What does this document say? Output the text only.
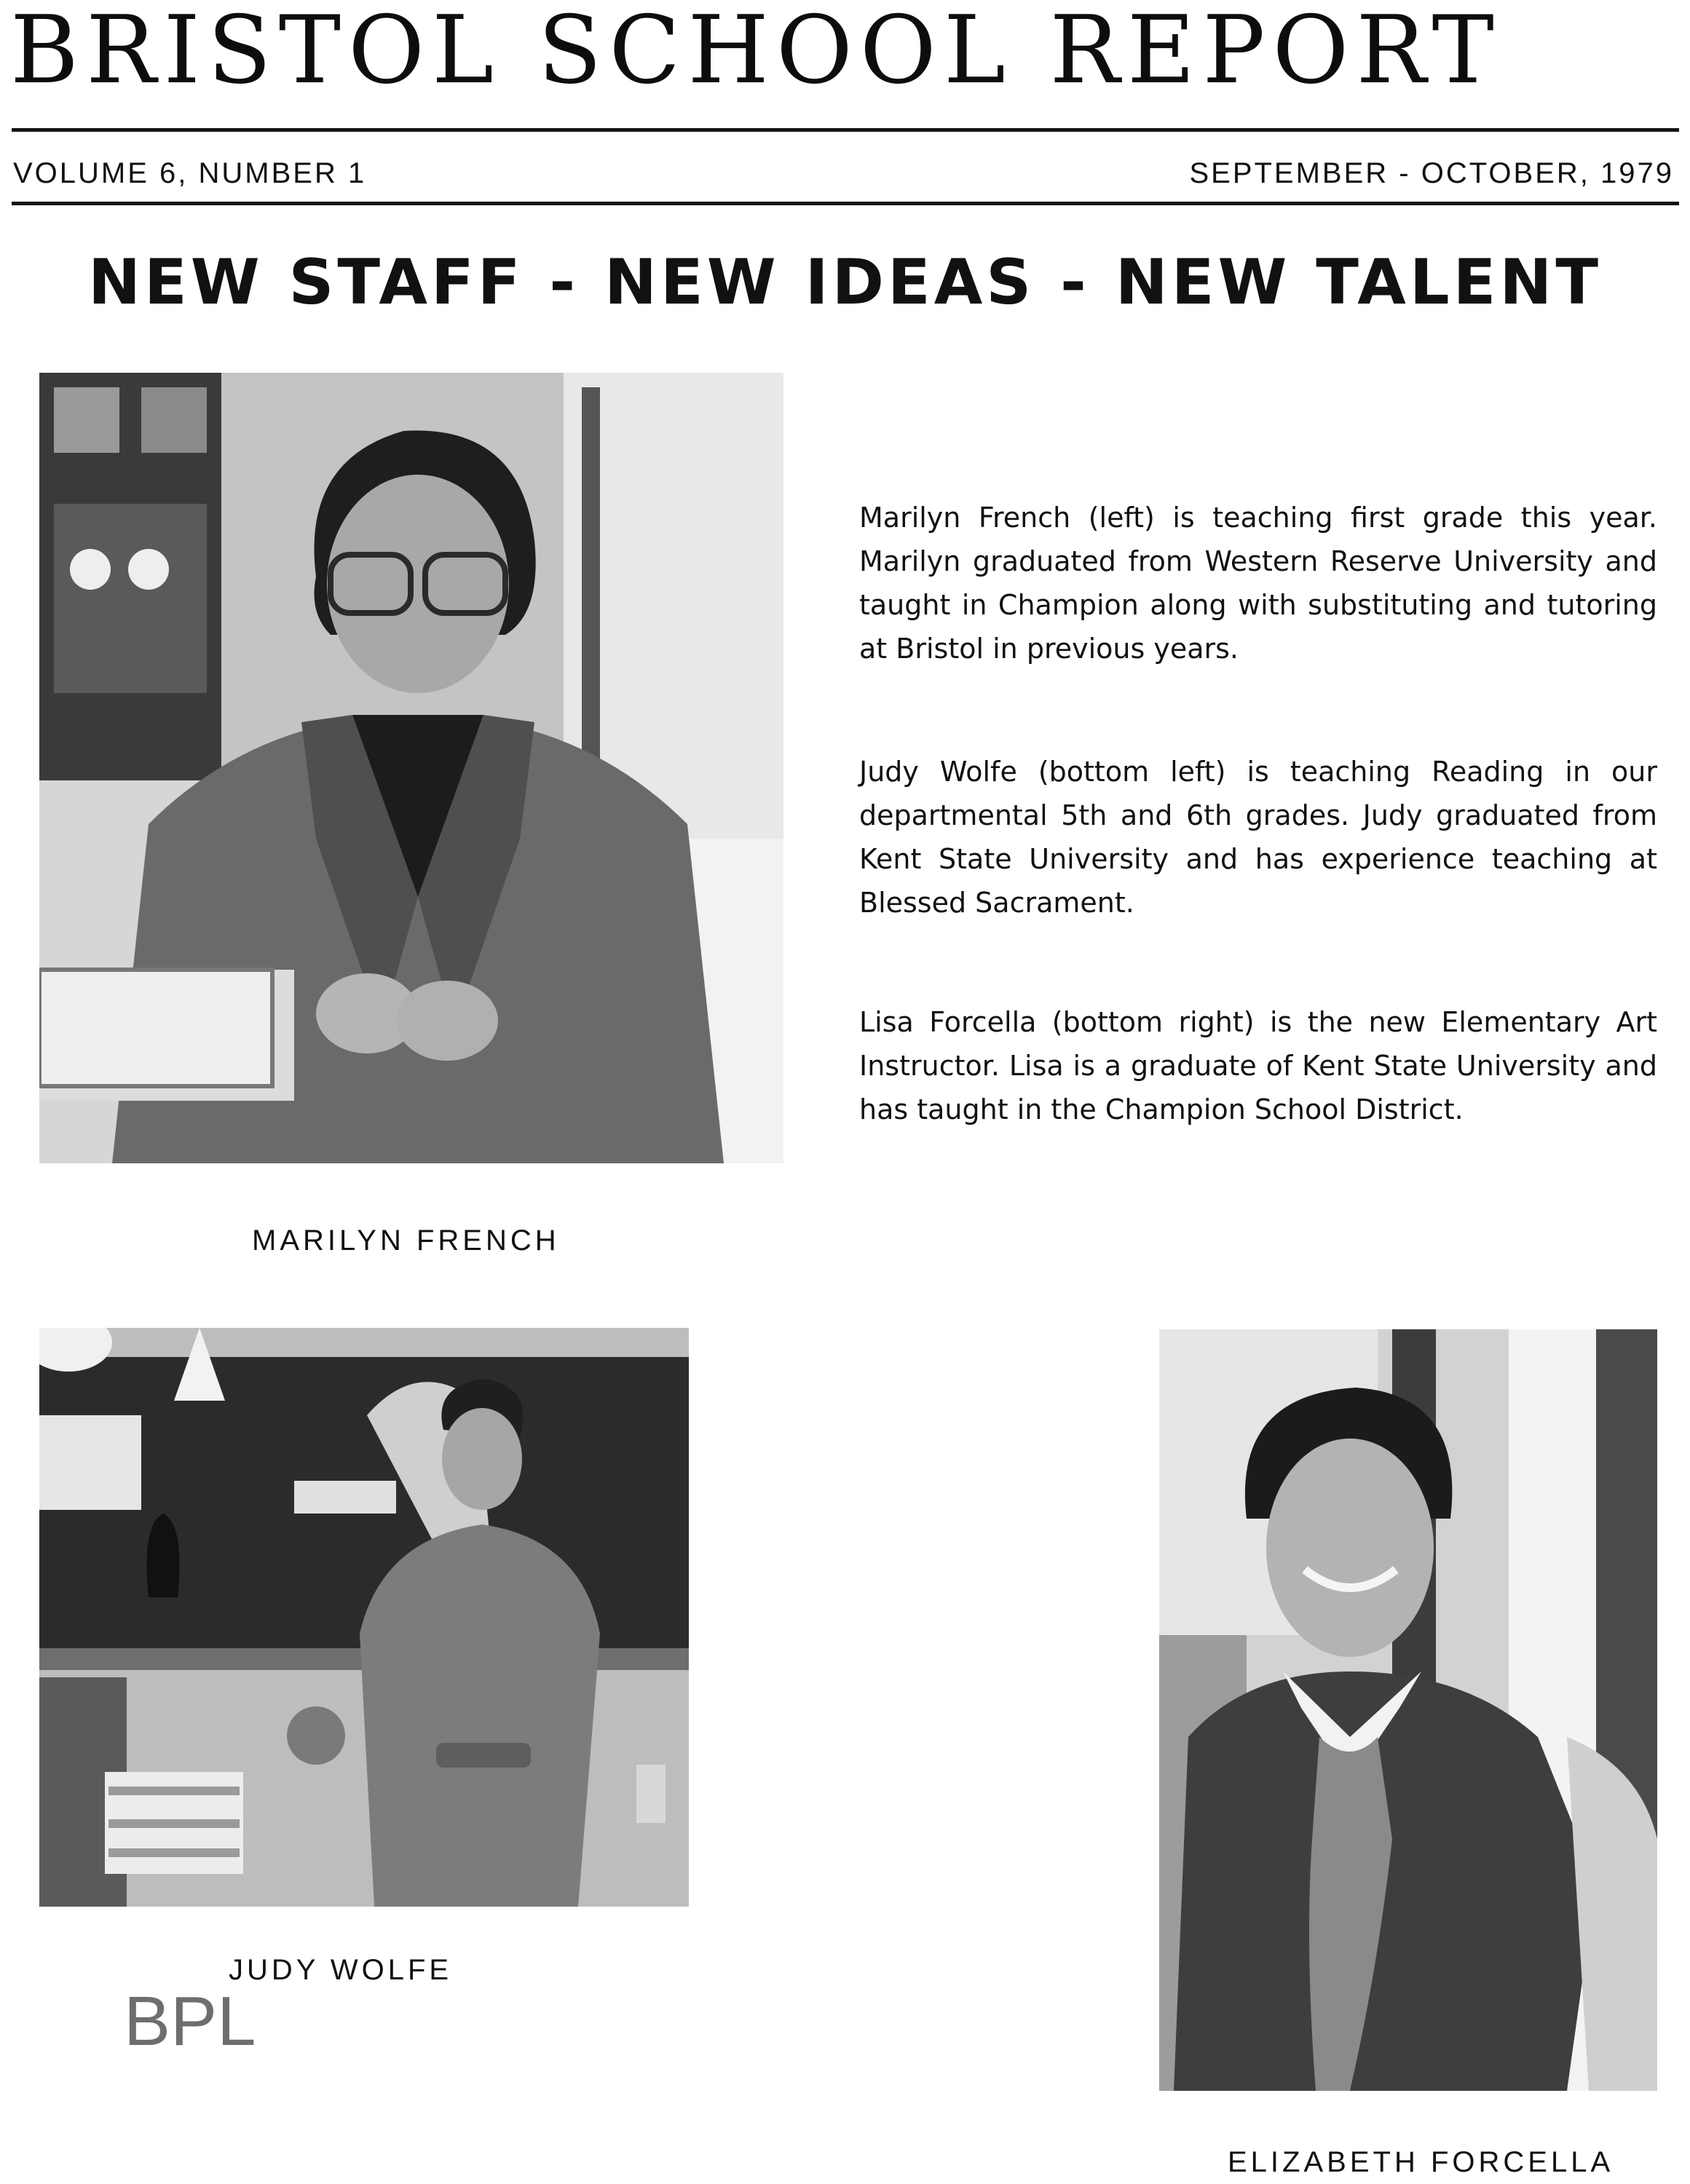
BRISTOL SCHOOL REPORT
VOLUME 6, NUMBER 1	SEPTEMBER - OCTOBER, 1979
NEW STAFF - NEW IDEAS - NEW TALENT

Marilyn French (left) is teaching first grade this year. Marilyn graduated from Western Reserve University and taught in Champion along with substituting and tutoring at Bristol in previous years.

Judy Wolfe (bottom left) is teaching Reading in our departmental 5th and 6th grades. Judy graduated from Kent State University and has experience teaching at Blessed Sacrament.

Lisa Forcella (bottom right) is the new Elementary Art Instructor. Lisa is a graduate of Kent State University and has taught in the Champion School District.

MARILYN FRENCH
JUDY WOLFE
BPL
ELIZABETH FORCELLA
